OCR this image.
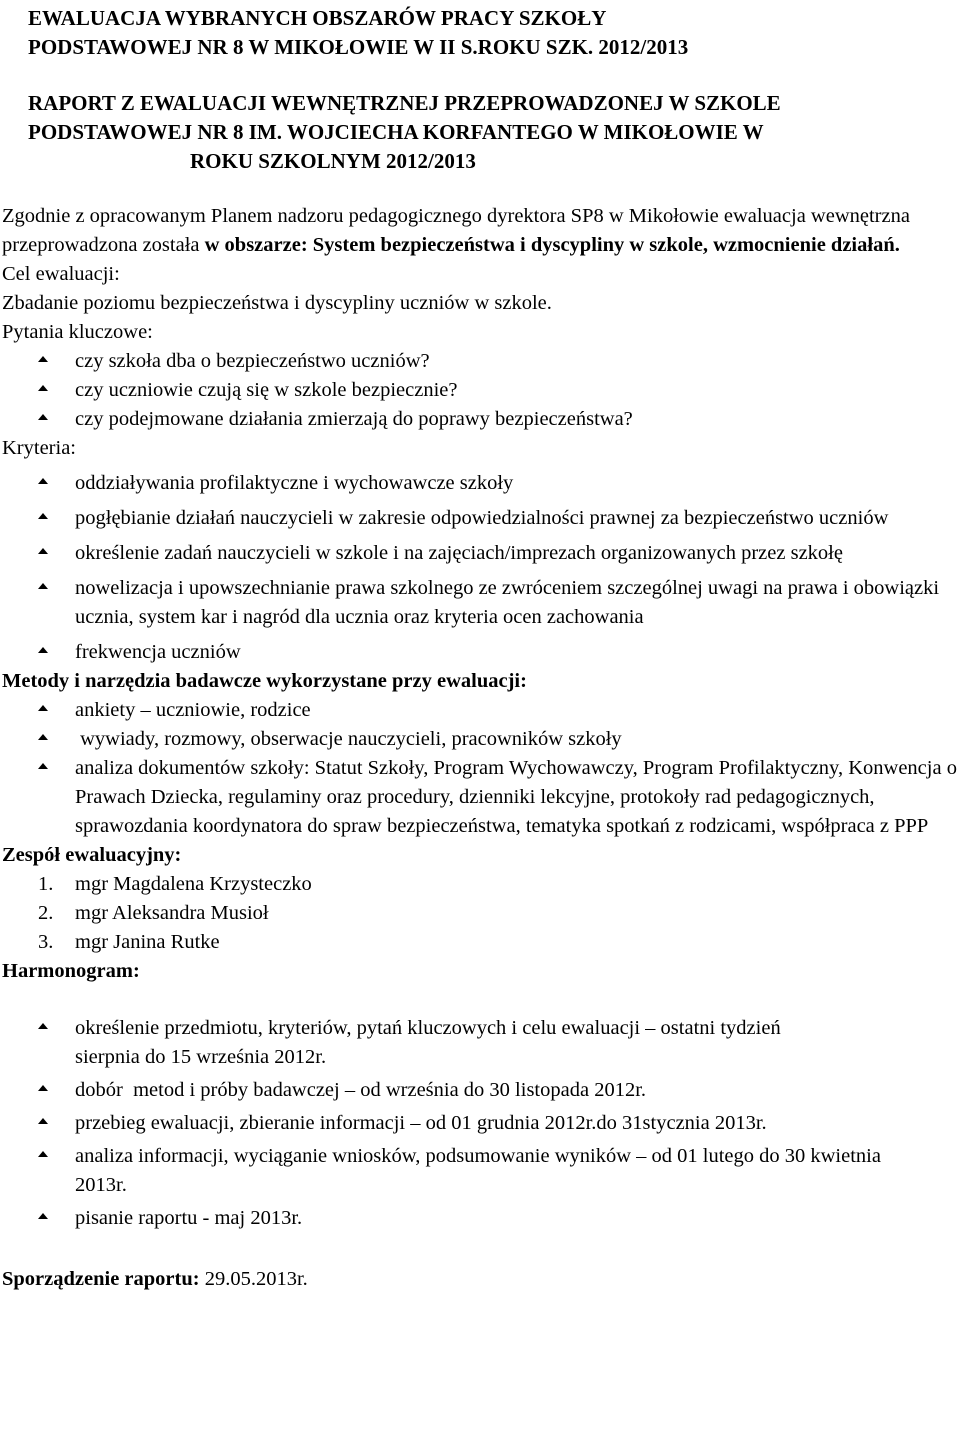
EWALUACJA WYBRANYCH OBSZARÓW PRACY SZKOŁY
PODSTAWOWEJ NR 8 W MIKOŁOWIE W II S.ROKU SZK. 2012/2013
RAPORT Z EWALUACJI WEWNĘTRZNEJ PRZEPROWADZONEJ W SZKOLE
PODSTAWOWEJ NR 8 IM. WOJCIECHA KORFANTEGO W MIKOŁOWIE W
ROKU SZKOLNYM 2012/2013

Zgodnie z opracowanym Planem nadzoru pedagogicznego dyrektora SP8 w Mikołowie ewaluacja wewnętrzna przeprowadzona została w obszarze: System bezpieczeństwa i dyscypliny w szkole, wzmocnienie działań.

Cel ewaluacji:

Zbadanie poziomu bezpieczeństwa i dyscypliny uczniów w szkole.

Pytania kluczowe:

czy szkoła dba o bezpieczeństwo uczniów?
czy uczniowie czują się w szkole bezpiecznie?
czy podejmowane działania zmierzają do poprawy bezpieczeństwa?

Kryteria:

oddziaływania profilaktyczne i wychowawcze szkoły
pogłębianie działań nauczycieli w zakresie odpowiedzialności prawnej za bezpieczeństwo uczniów
określenie zadań nauczycieli w szkole i na zajęciach/imprezach organizowanych przez szkołę
nowelizacja i upowszechnianie prawa szkolnego ze zwróceniem szczególnej uwagi na prawa i obowiązki ucznia, system kar i nagród dla ucznia oraz kryteria ocen zachowania
frekwencja uczniów

Metody i narzędzia badawcze wykorzystane przy ewaluacji:

ankiety – uczniowie, rodzice
wywiady, rozmowy, obserwacje nauczycieli, pracowników szkoły
analiza dokumentów szkoły: Statut Szkoły, Program Wychowawczy, Program Profilaktyczny, Konwencja o Prawach Dziecka, regulaminy oraz procedury, dzienniki lekcyjne, protokoły rad pedagogicznych, sprawozdania koordynatora do spraw bezpieczeństwa, tematyka spotkań z rodzicami, współpraca z PPP

Zespół ewaluacyjny:

1. mgr Magdalena Krzysteczko
2. mgr Aleksandra Musioł
3. mgr Janina Rutke

Harmonogram:

określenie przedmiotu, kryteriów, pytań kluczowych i celu ewaluacji – ostatni tydzień sierpnia do 15 września 2012r.
dobór  metod i próby badawczej – od września do 30 listopada 2012r.
przebieg ewaluacji, zbieranie informacji – od 01 grudnia 2012r.do 31stycznia 2013r.
analiza informacji, wyciąganie wniosków, podsumowanie wyników – od 01 lutego do 30 kwietnia  2013r.
pisanie raportu - maj 2013r.

Sporządzenie raportu: 29.05.2013r.
